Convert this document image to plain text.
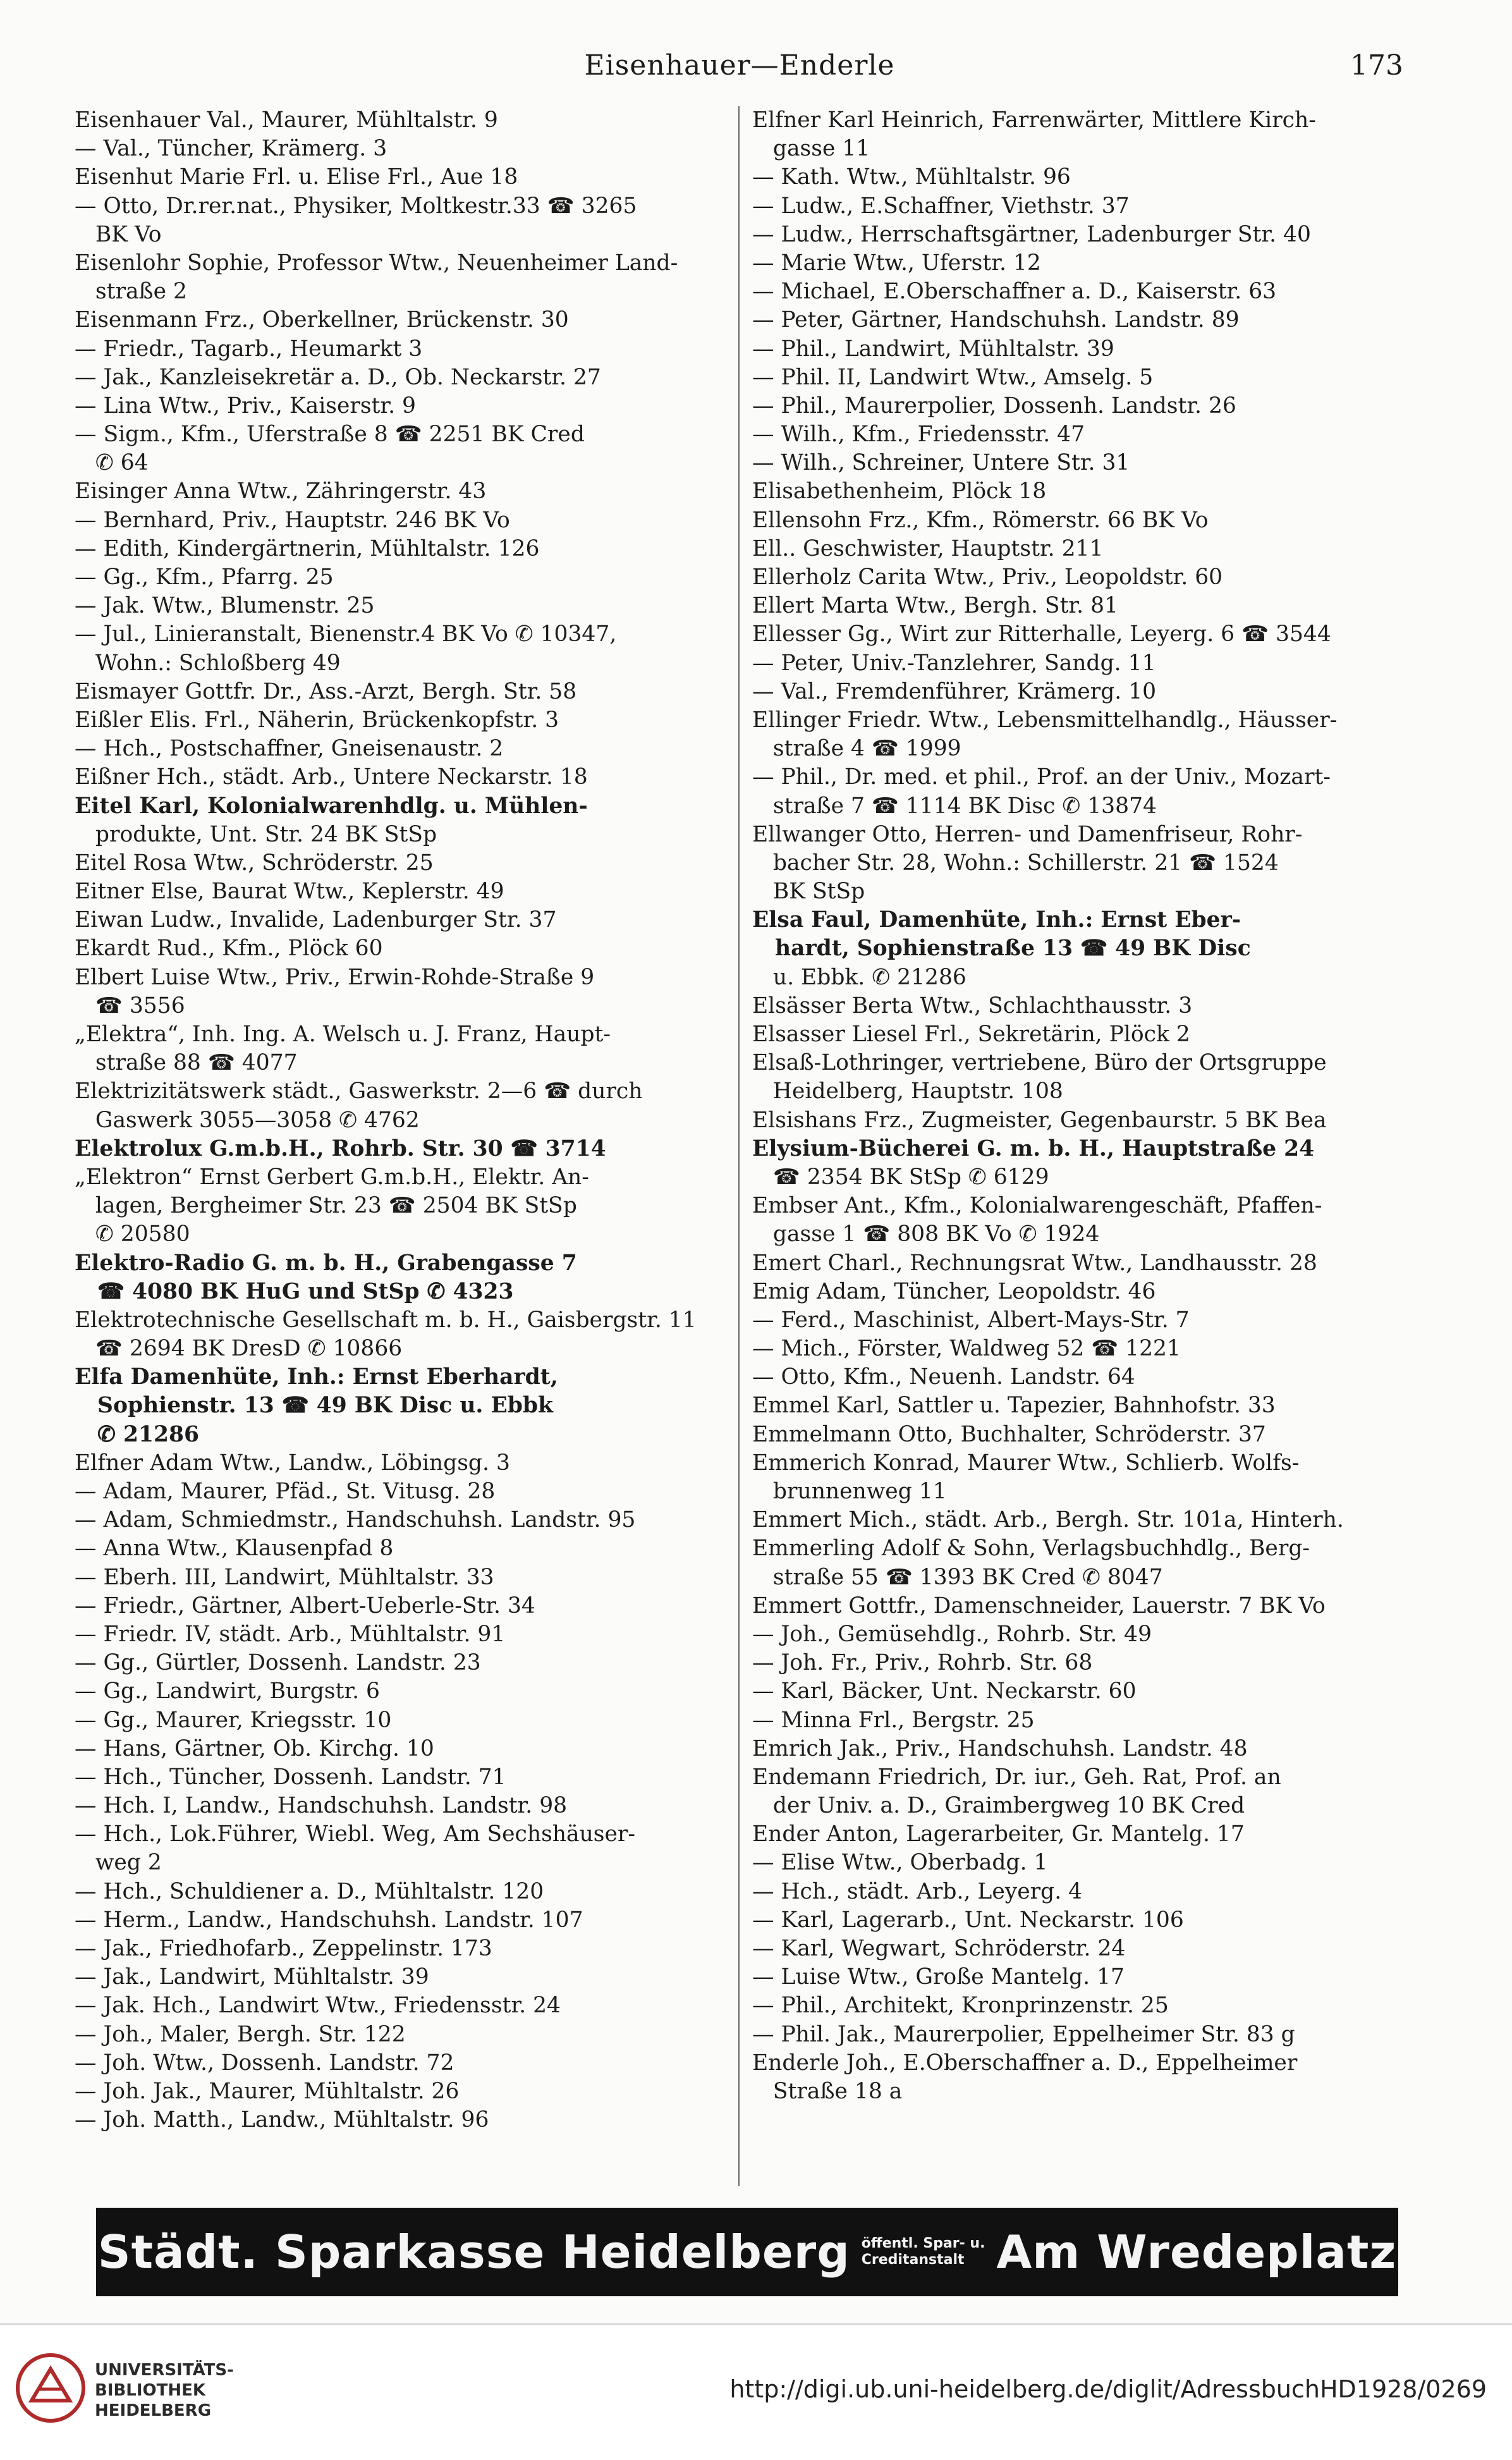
Eisenhauer—Enderle	173
Eisenhauer Val., Maurer, Mühltalstr. 9
— Val., Tüncher, Krämerg. 3
Eisenhut Marie Frl. u. Elise Frl., Aue 18
— Otto, Dr.rer.nat., Physiker, Moltkestr.33 ☎ 3265
BK Vo
Eisenlohr Sophie, Professor Wtw., Neuenheimer Land-
straße 2
Eisenmann Frz., Oberkellner, Brückenstr. 30
— Friedr., Tagarb., Heumarkt 3
— Jak., Kanzleisekretär a. D., Ob. Neckarstr. 27
— Lina Wtw., Priv., Kaiserstr. 9
— Sigm., Kfm., Uferstraße 8 ☎ 2251 BK Cred
✆ 64
Eisinger Anna Wtw., Zähringerstr. 43
— Bernhard, Priv., Hauptstr. 246 BK Vo
— Edith, Kindergärtnerin, Mühltalstr. 126
— Gg., Kfm., Pfarrg. 25
— Jak. Wtw., Blumenstr. 25
— Jul., Linieranstalt, Bienenstr.4 BK Vo ✆ 10347,
Wohn.: Schloßberg 49
Eismayer Gottfr. Dr., Ass.-Arzt, Bergh. Str. 58
Eißler Elis. Frl., Näherin, Brückenkopfstr. 3
— Hch., Postschaffner, Gneisenaustr. 2
Eißner Hch., städt. Arb., Untere Neckarstr. 18
Eitel Karl, Kolonialwarenhdlg. u. Mühlen-
produkte, Unt. Str. 24 BK StSp
Eitel Rosa Wtw., Schröderstr. 25
Eitner Else, Baurat Wtw., Keplerstr. 49
Eiwan Ludw., Invalide, Ladenburger Str. 37
Ekardt Rud., Kfm., Plöck 60
Elbert Luise Wtw., Priv., Erwin-Rohde-Straße 9
☎ 3556
„Elektra“, Inh. Ing. A. Welsch u. J. Franz, Haupt-
straße 88 ☎ 4077
Elektrizitätswerk städt., Gaswerkstr. 2—6 ☎ durch
Gaswerk 3055—3058 ✆ 4762
Elektrolux G.m.b.H., Rohrb. Str. 30 ☎ 3714
„Elektron“ Ernst Gerbert G.m.b.H., Elektr. An-
lagen, Bergheimer Str. 23 ☎ 2504 BK StSp
✆ 20580
Elektro-Radio G. m. b. H., Grabengasse 7
☎ 4080 BK HuG und StSp ✆ 4323
Elektrotechnische Gesellschaft m. b. H., Gaisbergstr. 11
☎ 2694 BK DresD ✆ 10866
Elfa Damenhüte, Inh.: Ernst Eberhardt,
Sophienstr. 13 ☎ 49 BK Disc u. Ebbk
✆ 21286
Elfner Adam Wtw., Landw., Löbingsg. 3
— Adam, Maurer, Pfäd., St. Vitusg. 28
— Adam, Schmiedmstr., Handschuhsh. Landstr. 95
— Anna Wtw., Klausenpfad 8
— Eberh. III, Landwirt, Mühltalstr. 33
— Friedr., Gärtner, Albert-Ueberle-Str. 34
— Friedr. IV, städt. Arb., Mühltalstr. 91
— Gg., Gürtler, Dossenh. Landstr. 23
— Gg., Landwirt, Burgstr. 6
— Gg., Maurer, Kriegsstr. 10
— Hans, Gärtner, Ob. Kirchg. 10
— Hch., Tüncher, Dossenh. Landstr. 71
— Hch. I, Landw., Handschuhsh. Landstr. 98
— Hch., Lok.Führer, Wiebl. Weg, Am Sechshäuser-
weg 2
— Hch., Schuldiener a. D., Mühltalstr. 120
— Herm., Landw., Handschuhsh. Landstr. 107
— Jak., Friedhofarb., Zeppelinstr. 173
— Jak., Landwirt, Mühltalstr. 39
— Jak. Hch., Landwirt Wtw., Friedensstr. 24
— Joh., Maler, Bergh. Str. 122
— Joh. Wtw., Dossenh. Landstr. 72
— Joh. Jak., Maurer, Mühltalstr. 26
— Joh. Matth., Landw., Mühltalstr. 96
Elfner Karl Heinrich, Farrenwärter, Mittlere Kirch-
gasse 11
— Kath. Wtw., Mühltalstr. 96
— Ludw., E.Schaffner, Viethstr. 37
— Ludw., Herrschaftsgärtner, Ladenburger Str. 40
— Marie Wtw., Uferstr. 12
— Michael, E.Oberschaffner a. D., Kaiserstr. 63
— Peter, Gärtner, Handschuhsh. Landstr. 89
— Phil., Landwirt, Mühltalstr. 39
— Phil. II, Landwirt Wtw., Amselg. 5
— Phil., Maurerpolier, Dossenh. Landstr. 26
— Wilh., Kfm., Friedensstr. 47
— Wilh., Schreiner, Untere Str. 31
Elisabethenheim, Plöck 18
Ellensohn Frz., Kfm., Römerstr. 66 BK Vo
Ell.. Geschwister, Hauptstr. 211
Ellerholz Carita Wtw., Priv., Leopoldstr. 60
Ellert Marta Wtw., Bergh. Str. 81
Ellesser Gg., Wirt zur Ritterhalle, Leyerg. 6 ☎ 3544
— Peter, Univ.-Tanzlehrer, Sandg. 11
— Val., Fremdenführer, Krämerg. 10
Ellinger Friedr. Wtw., Lebensmittelhandlg., Häusser-
straße 4 ☎ 1999
— Phil., Dr. med. et phil., Prof. an der Univ., Mozart-
straße 7 ☎ 1114 BK Disc ✆ 13874
Ellwanger Otto, Herren- und Damenfriseur, Rohr-
bacher Str. 28, Wohn.: Schillerstr. 21 ☎ 1524
BK StSp
Elsa Faul, Damenhüte, Inh.: Ernst Eber-
hardt, Sophienstraße 13 ☎ 49 BK Disc
u. Ebbk. ✆ 21286
Elsässer Berta Wtw., Schlachthausstr. 3
Elsasser Liesel Frl., Sekretärin, Plöck 2
Elsaß-Lothringer, vertriebene, Büro der Ortsgruppe
Heidelberg, Hauptstr. 108
Elsishans Frz., Zugmeister, Gegenbaurstr. 5 BK Bea
Elysium-Bücherei G. m. b. H., Hauptstraße 24
☎ 2354 BK StSp ✆ 6129
Embser Ant., Kfm., Kolonialwarengeschäft, Pfaffen-
gasse 1 ☎ 808 BK Vo ✆ 1924
Emert Charl., Rechnungsrat Wtw., Landhausstr. 28
Emig Adam, Tüncher, Leopoldstr. 46
— Ferd., Maschinist, Albert-Mays-Str. 7
— Mich., Förster, Waldweg 52 ☎ 1221
— Otto, Kfm., Neuenh. Landstr. 64
Emmel Karl, Sattler u. Tapezier, Bahnhofstr. 33
Emmelmann Otto, Buchhalter, Schröderstr. 37
Emmerich Konrad, Maurer Wtw., Schlierb. Wolfs-
brunnenweg 11
Emmert Mich., städt. Arb., Bergh. Str. 101a, Hinterh.
Emmerling Adolf & Sohn, Verlagsbuchhdlg., Berg-
straße 55 ☎ 1393 BK Cred ✆ 8047
Emmert Gottfr., Damenschneider, Lauerstr. 7 BK Vo
— Joh., Gemüsehdlg., Rohrb. Str. 49
— Joh. Fr., Priv., Rohrb. Str. 68
— Karl, Bäcker, Unt. Neckarstr. 60
— Minna Frl., Bergstr. 25
Emrich Jak., Priv., Handschuhsh. Landstr. 48
Endemann Friedrich, Dr. iur., Geh. Rat, Prof. an
der Univ. a. D., Graimbergweg 10 BK Cred
Ender Anton, Lagerarbeiter, Gr. Mantelg. 17
— Elise Wtw., Oberbadg. 1
— Hch., städt. Arb., Leyerg. 4
— Karl, Lagerarb., Unt. Neckarstr. 106
— Karl, Wegwart, Schröderstr. 24
— Luise Wtw., Große Mantelg. 17
— Phil., Architekt, Kronprinzenstr. 25
— Phil. Jak., Maurerpolier, Eppelheimer Str. 83 g
Enderle Joh., E.Oberschaffner a. D., Eppelheimer
Straße 18 a
Städt. Sparkasse Heidelberg öffentl. Spar- u.
Creditanstalt Am Wredeplatz
UNIVERSITÄTS-
BIBLIOTHEK
HEIDELBERG
http://digi.ub.uni-heidelberg.de/diglit/AdressbuchHD1928/0269
